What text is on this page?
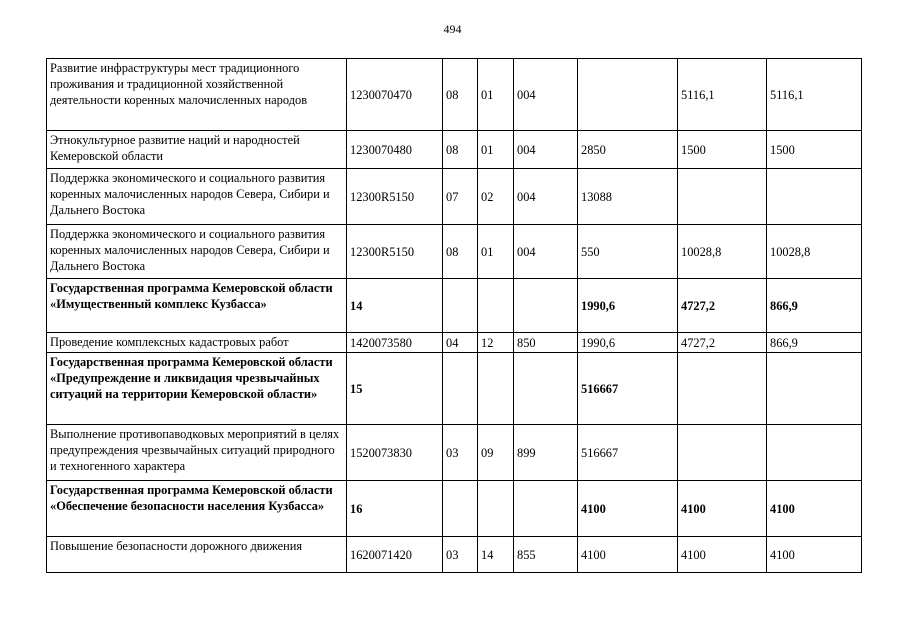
494
Развитие инфраструктуры мест традиционного проживания и традиционной хозяйственной деятельности коренных малочисленных народов	1230070470	08	01	004		5116,1	5116,1
Этнокультурное развитие наций и народностей Кемеровской области	1230070480	08	01	004	2850	1500	1500
Поддержка экономического и социального развития коренных малочисленных народов Севера, Сибири и Дальнего Востока	12300R5150	07	02	004	13088		
Поддержка экономического и социального развития коренных малочисленных народов Севера, Сибири и Дальнего Востока	12300R5150	08	01	004	550	10028,8	10028,8
Государственная программа Кемеровской области «Имущественный комплекс Кузбасса»	14				1990,6	4727,2	866,9
Проведение комплексных кадастровых работ	1420073580	04	12	850	1990,6	4727,2	866,9
Государственная программа Кемеровской области «Предупреждение и ликвидация чрезвычайных ситуаций на территории Кемеровской области»	15				516667		
Выполнение противопаводковых мероприятий в целях предупреждения чрезвычайных ситуаций природного и техногенного характера	1520073830	03	09	899	516667		
Государственная программа Кемеровской области «Обеспечение безопасности населения Кузбасса»	16				4100	4100	4100
Повышение безопасности дорожного движения	1620071420	03	14	855	4100	4100	4100
